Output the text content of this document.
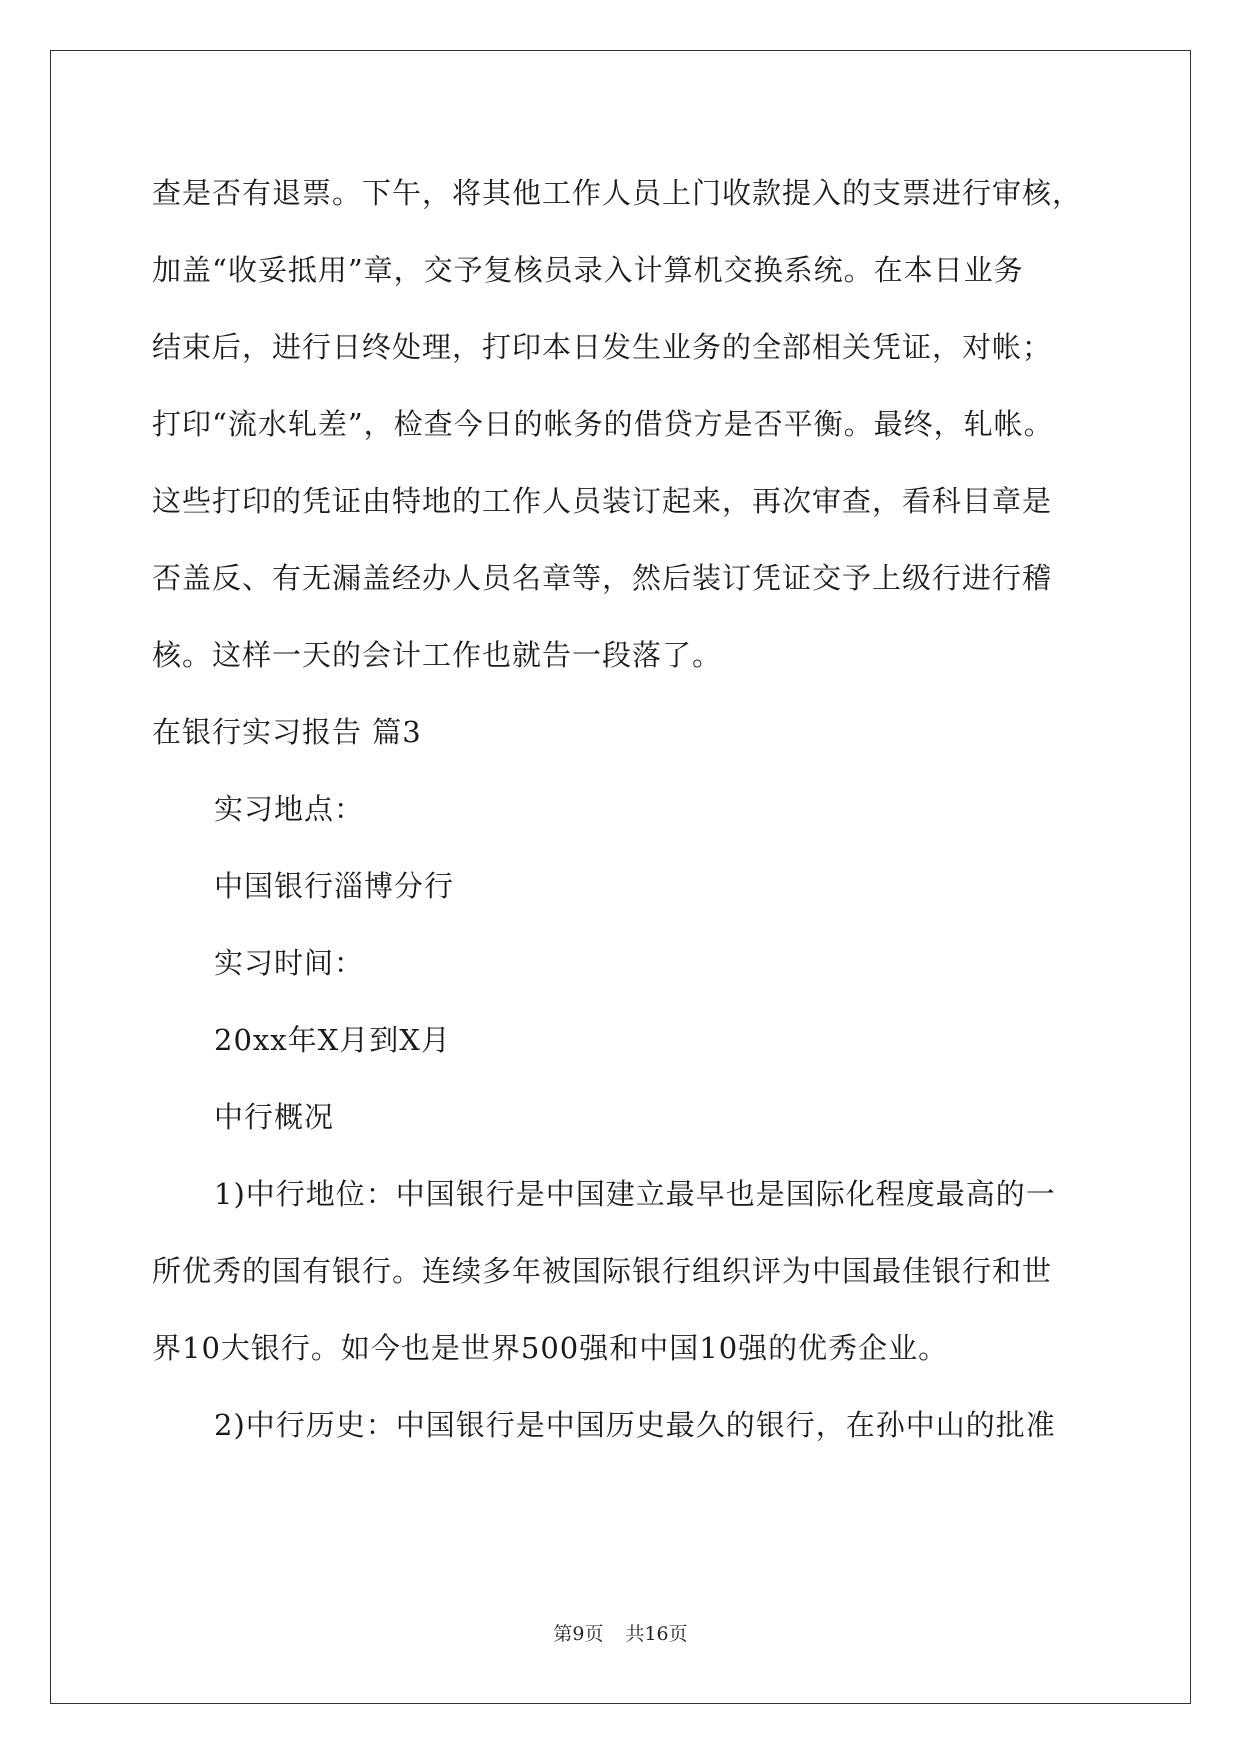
查是否有退票。下午，将其他工作人员上门收款提入的支票进行审核，
加盖“收妥抵用”章，交予复核员录入计算机交换系统。在本日业务
结束后，进行日终处理，打印本日发生业务的全部相关凭证，对帐；
打印“流水轧差”，检查今日的帐务的借贷方是否平衡。最终，轧帐。
这些打印的凭证由特地的工作人员装订起来，再次审查，看科目章是
否盖反、有无漏盖经办人员名章等，然后装订凭证交予上级行进行稽
核。这样一天的会计工作也就告一段落了。
在银行实习报告 篇3
实习地点：
中国银行淄博分行
实习时间：
20xx年X月到X月
中行概况
1)中行地位：中国银行是中国建立最早也是国际化程度最高的一
所优秀的国有银行。连续多年被国际银行组织评为中国最佳银行和世
界10大银行。如今也是世界500强和中国10强的优秀企业。
2)中行历史：中国银行是中国历史最久的银行，在孙中山的批准
第9页 共16页
